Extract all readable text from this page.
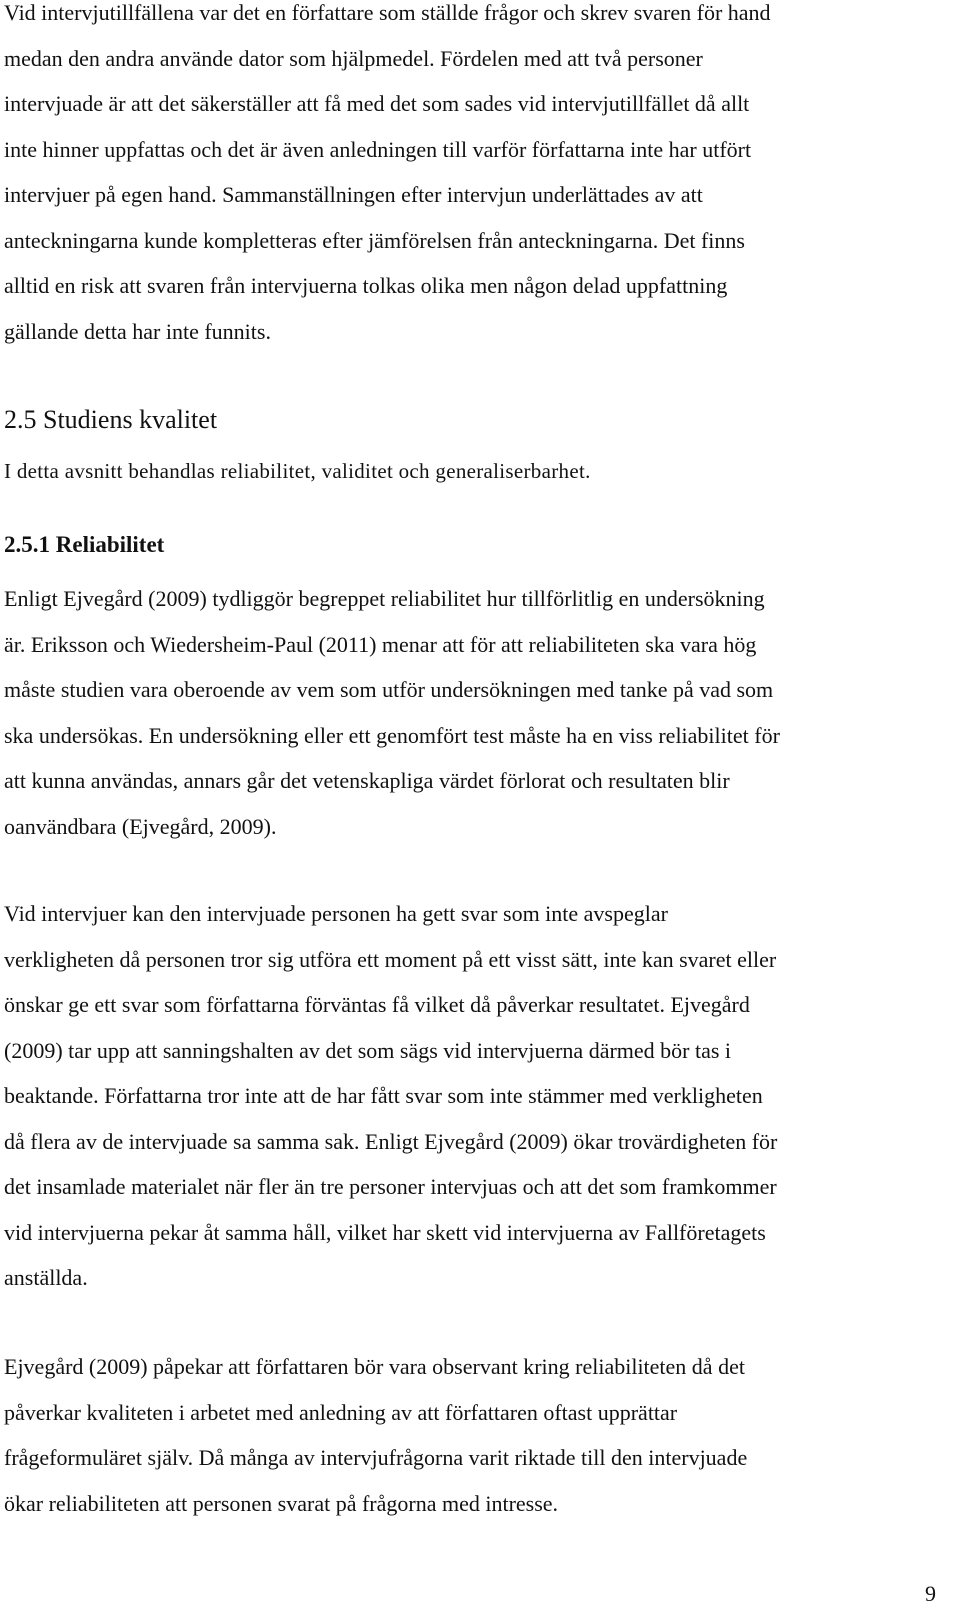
Vid intervjutillfällena var det en författare som ställde frågor och skrev svaren för hand
medan den andra använde dator som hjälpmedel. Fördelen med att två personer
intervjuade är att det säkerställer att få med det som sades vid intervjutillfället då allt
inte hinner uppfattas och det är även anledningen till varför författarna inte har utfört
intervjuer på egen hand. Sammanställningen efter intervjun underlättades av att
anteckningarna kunde kompletteras efter jämförelsen från anteckningarna. Det finns
alltid en risk att svaren från intervjuerna tolkas olika men någon delad uppfattning
gällande detta har inte funnits.

2.5 Studiens kvalitet

I detta avsnitt behandlas reliabilitet, validitet och generaliserbarhet.

2.5.1 Reliabilitet

Enligt Ejvegård (2009) tydliggör begreppet reliabilitet hur tillförlitlig en undersökning
är. Eriksson och Wiedersheim-Paul (2011) menar att för att reliabiliteten ska vara hög
måste studien vara oberoende av vem som utför undersökningen med tanke på vad som
ska undersökas. En undersökning eller ett genomfört test måste ha en viss reliabilitet för
att kunna användas, annars går det vetenskapliga värdet förlorat och resultaten blir
oanvändbara (Ejvegård, 2009).

Vid intervjuer kan den intervjuade personen ha gett svar som inte avspeglar
verkligheten då personen tror sig utföra ett moment på ett visst sätt, inte kan svaret eller
önskar ge ett svar som författarna förväntas få vilket då påverkar resultatet. Ejvegård
(2009) tar upp att sanningshalten av det som sägs vid intervjuerna därmed bör tas i
beaktande. Författarna tror inte att de har fått svar som inte stämmer med verkligheten
då flera av de intervjuade sa samma sak. Enligt Ejvegård (2009) ökar trovärdigheten för
det insamlade materialet när fler än tre personer intervjuas och att det som framkommer
vid intervjuerna pekar åt samma håll, vilket har skett vid intervjuerna av Fallföretagets
anställda.

Ejvegård (2009) påpekar att författaren bör vara observant kring reliabiliteten då det
påverkar kvaliteten i arbetet med anledning av att författaren oftast upprättar
frågeformuläret själv. Då många av intervjufrågorna varit riktade till den intervjuade
ökar reliabiliteten att personen svarat på frågorna med intresse.

9
